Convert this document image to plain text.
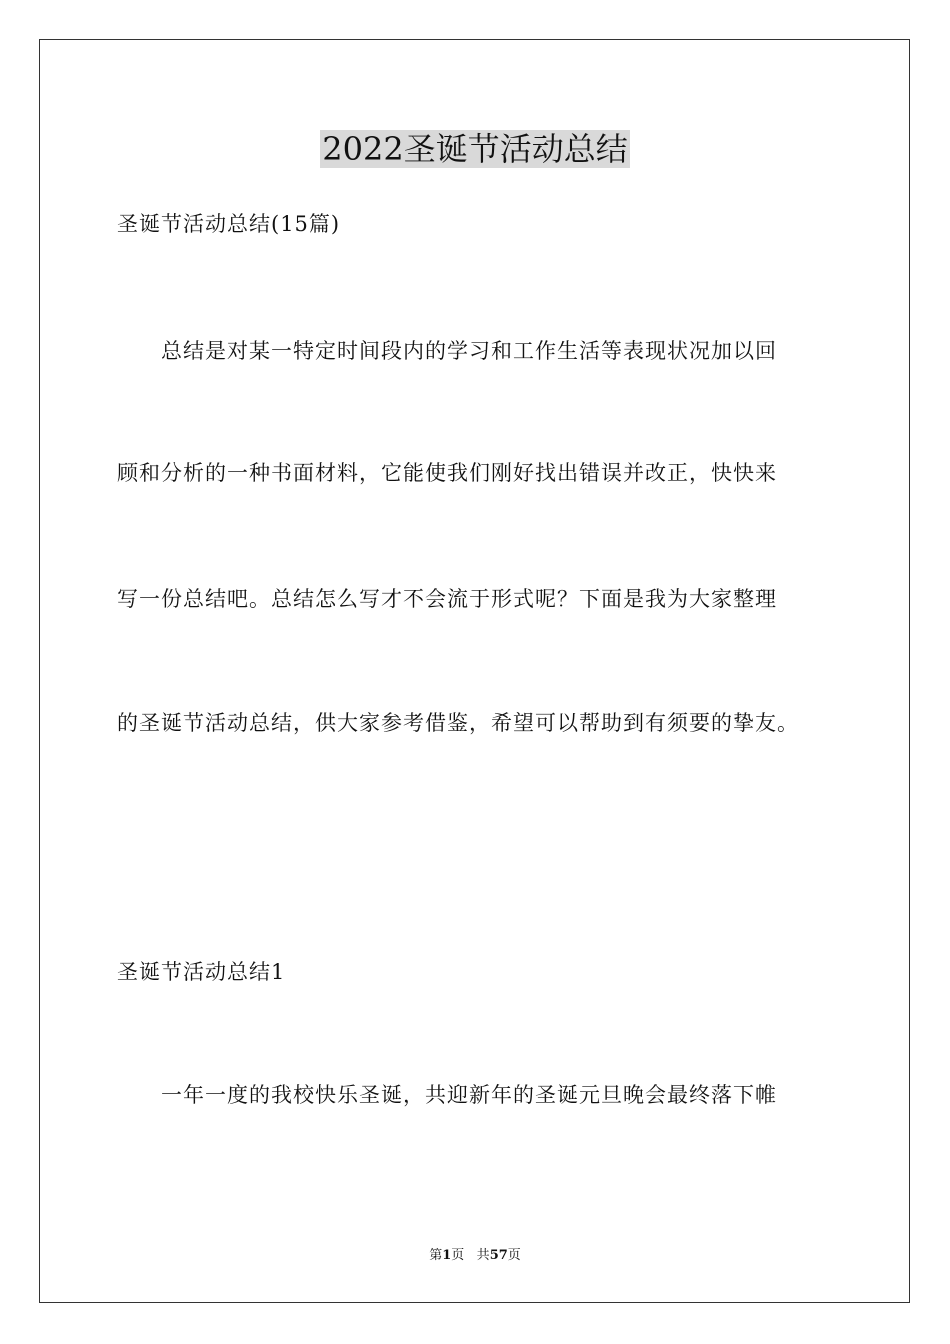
2022圣诞节活动总结
圣诞节活动总结(15篇)
　　总结是对某一特定时间段内的学习和工作生活等表现状况加以回
顾和分析的一种书面材料，它能使我们刚好找出错误并改正，快快来
写一份总结吧。总结怎么写才不会流于形式呢？下面是我为大家整理
的圣诞节活动总结，供大家参考借鉴，希望可以帮助到有须要的挚友。
圣诞节活动总结1
　　一年一度的我校快乐圣诞，共迎新年的圣诞元旦晚会最终落下帷
第1页 共57页
